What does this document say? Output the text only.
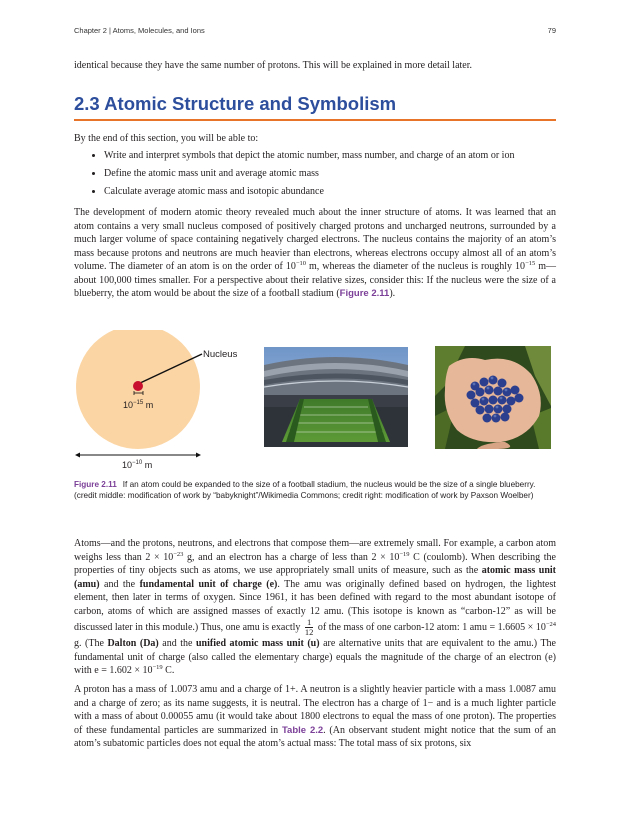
Chapter 2 | Atoms, Molecules, and Ions	79
identical because they have the same number of protons. This will be explained in more detail later.
2.3 Atomic Structure and Symbolism
By the end of this section, you will be able to:
• Write and interpret symbols that depict the atomic number, mass number, and charge of an atom or ion
• Define the atomic mass unit and average atomic mass
• Calculate average atomic mass and isotopic abundance

The development of modern atomic theory revealed much about the inner structure of atoms. It was learned that an atom contains a very small nucleus composed of positively charged protons and uncharged neutrons, surrounded by a much larger volume of space containing negatively charged electrons. The nucleus contains the majority of an atom’s mass because protons and neutrons are much heavier than electrons, whereas electrons occupy almost all of an atom’s volume. The diameter of an atom is on the order of $10^{-10}$ m, whereas the diameter of the nucleus is roughly $10^{-15}$ m—about 100,000 times smaller. For a perspective about their relative sizes, consider this: If the nucleus were the size of a blueberry, the atom would be about the size of a football stadium (Figure 2.11).

Nucleus
$10^{-15}$ m
$10^{-10}$ m

Figure 2.11 If an atom could be expanded to the size of a football stadium, the nucleus would be the size of a single blueberry. (credit middle: modification of work by “babyknight”/Wikimedia Commons; credit right: modification of work by Paxson Woelber)

Atoms—and the protons, neutrons, and electrons that compose them—are extremely small. For example, a carbon atom weighs less than $2 \times 10^{-23}$ g, and an electron has a charge of less than $2 \times 10^{-19}$ C (coulomb). When describing the properties of tiny objects such as atoms, we use appropriately small units of measure, such as the atomic mass unit (amu) and the fundamental unit of charge (e). The amu was originally defined based on hydrogen, the lightest element, then later in terms of oxygen. Since 1961, it has been defined with regard to the most abundant isotope of carbon, atoms of which are assigned masses of exactly 12 amu. (This isotope is known as “carbon-12” as will be discussed later in this module.) Thus, one amu is exactly $\frac{1}{12}$ of the mass of one carbon-12 atom: 1 amu = $1.6605 \times 10^{-24}$ g. (The Dalton (Da) and the unified atomic mass unit (u) are alternative units that are equivalent to the amu.) The fundamental unit of charge (also called the elementary charge) equals the magnitude of the charge of an electron (e) with $e = 1.602 \times 10^{-19}$ C.

A proton has a mass of 1.0073 amu and a charge of 1+. A neutron is a slightly heavier particle with a mass 1.0087 amu and a charge of zero; as its name suggests, it is neutral. The electron has a charge of 1− and is a much lighter particle with a mass of about 0.00055 amu (it would take about 1800 electrons to equal the mass of one proton). The properties of these fundamental particles are summarized in Table 2.2. (An observant student might notice that the sum of an atom’s subatomic particles does not equal the atom’s actual mass: The total mass of six protons, six
